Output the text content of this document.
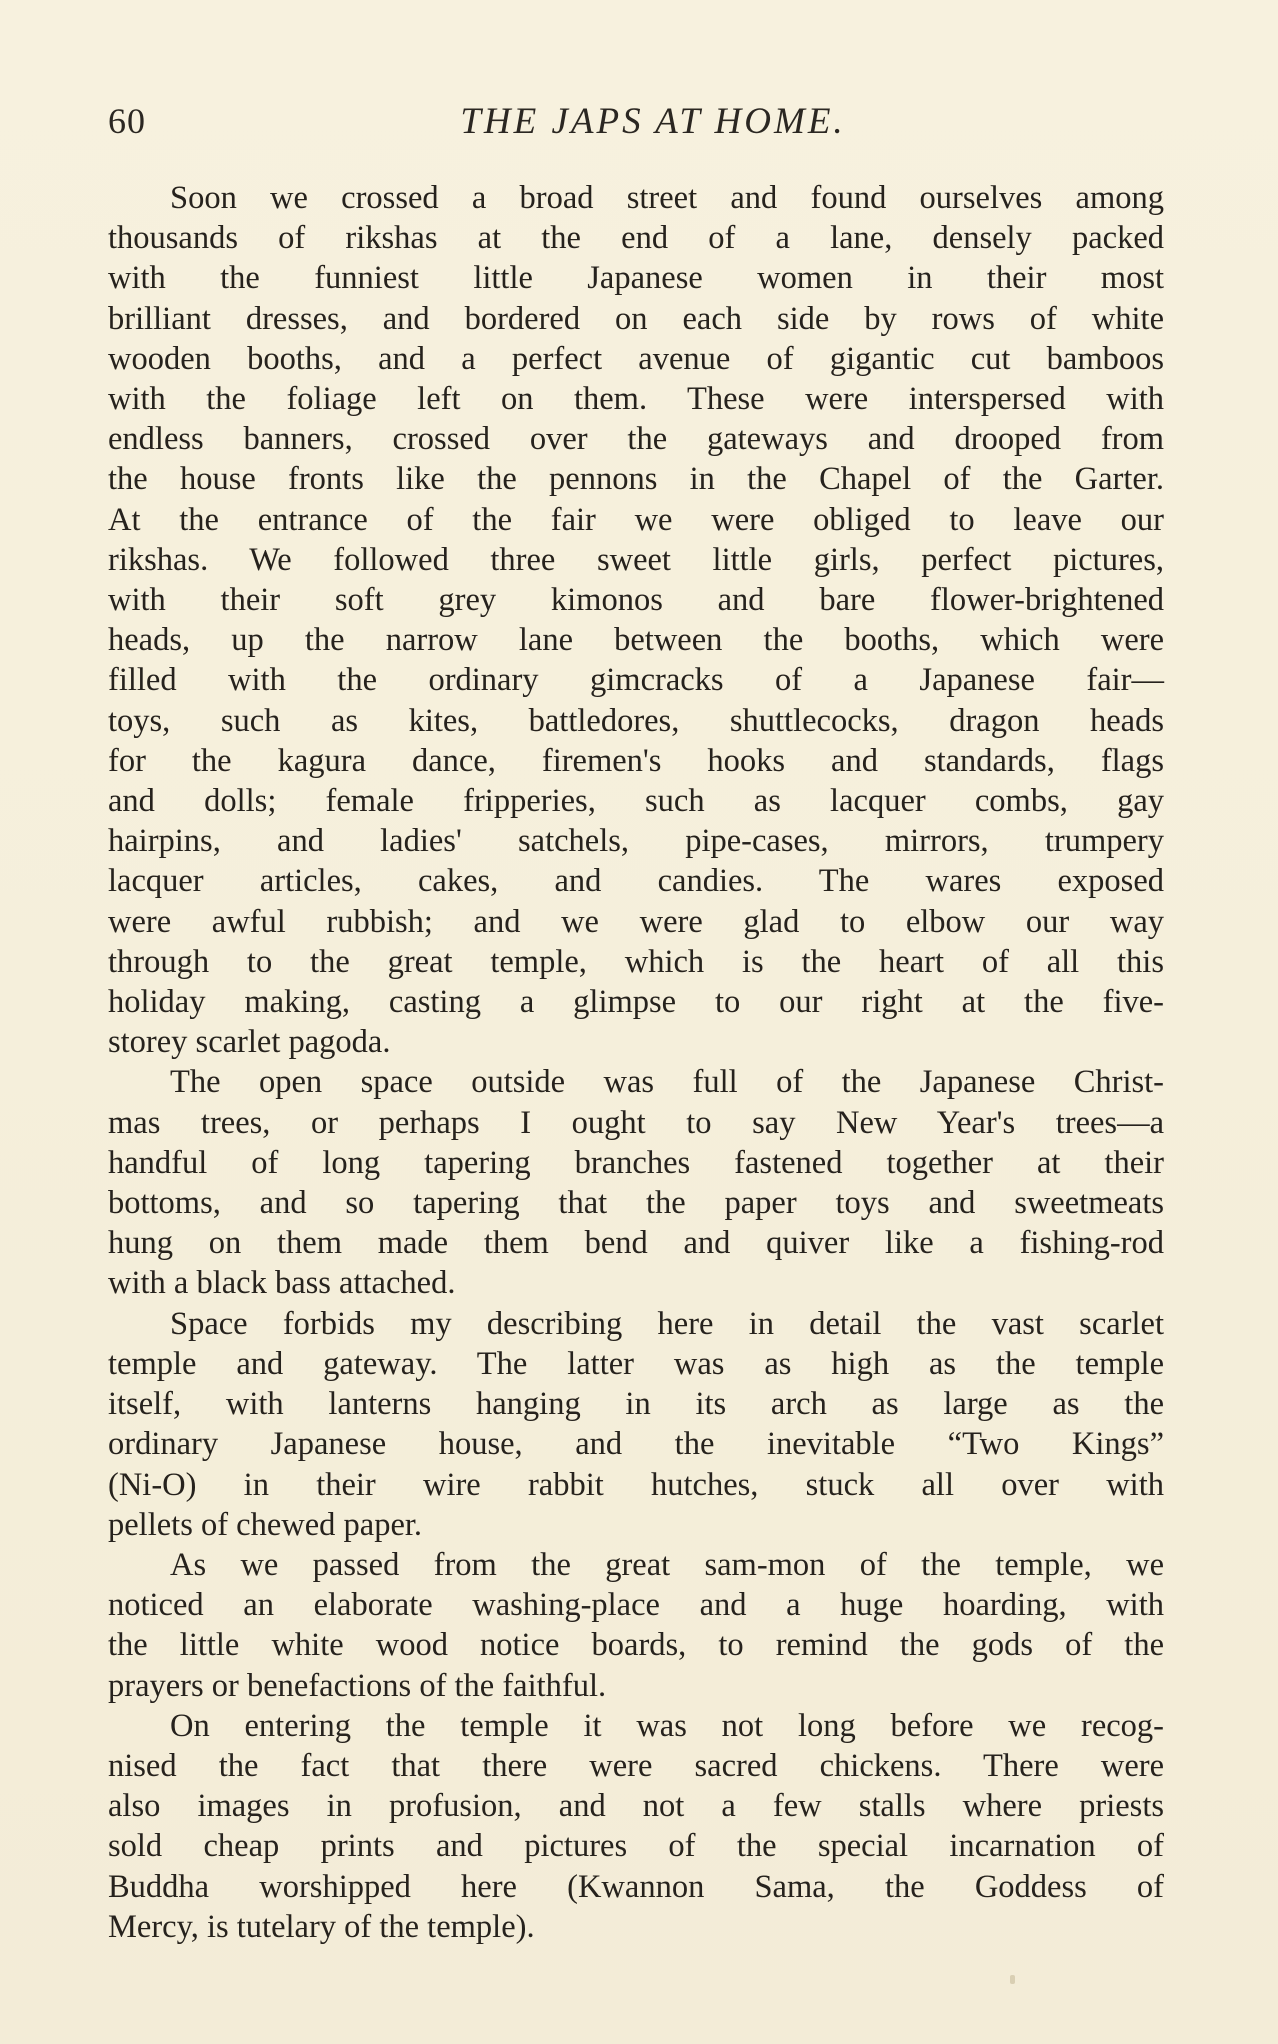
60	THE JAPS AT HOME.
Soon we crossed a broad street and found ourselves among
thousands of rikshas at the end of a lane, densely packed
with the funniest little Japanese women in their most
brilliant dresses, and bordered on each side by rows of white
wooden booths, and a perfect avenue of gigantic cut bamboos
with the foliage left on them. These were interspersed with
endless banners, crossed over the gateways and drooped from
the house fronts like the pennons in the Chapel of the Garter.
At the entrance of the fair we were obliged to leave our
rikshas. We followed three sweet little girls, perfect pictures,
with their soft grey kimonos and bare flower-brightened
heads, up the narrow lane between the booths, which were
filled with the ordinary gimcracks of a Japanese fair—
toys, such as kites, battledores, shuttlecocks, dragon heads
for the kagura dance, firemen's hooks and standards, flags
and dolls; female fripperies, such as lacquer combs, gay
hairpins, and ladies' satchels, pipe-cases, mirrors, trumpery
lacquer articles, cakes, and candies. The wares exposed
were awful rubbish; and we were glad to elbow our way
through to the great temple, which is the heart of all this
holiday making, casting a glimpse to our right at the five-
storey scarlet pagoda.
The open space outside was full of the Japanese Christ-
mas trees, or perhaps I ought to say New Year's trees—a
handful of long tapering branches fastened together at their
bottoms, and so tapering that the paper toys and sweetmeats
hung on them made them bend and quiver like a fishing-rod
with a black bass attached.
Space forbids my describing here in detail the vast scarlet
temple and gateway. The latter was as high as the temple
itself, with lanterns hanging in its arch as large as the
ordinary Japanese house, and the inevitable “Two Kings”
(Ni-O) in their wire rabbit hutches, stuck all over with
pellets of chewed paper.
As we passed from the great sam-mon of the temple, we
noticed an elaborate washing-place and a huge hoarding, with
the little white wood notice boards, to remind the gods of the
prayers or benefactions of the faithful.
On entering the temple it was not long before we recog-
nised the fact that there were sacred chickens. There were
also images in profusion, and not a few stalls where priests
sold cheap prints and pictures of the special incarnation of
Buddha worshipped here (Kwannon Sama, the Goddess of
Mercy, is tutelary of the temple).
